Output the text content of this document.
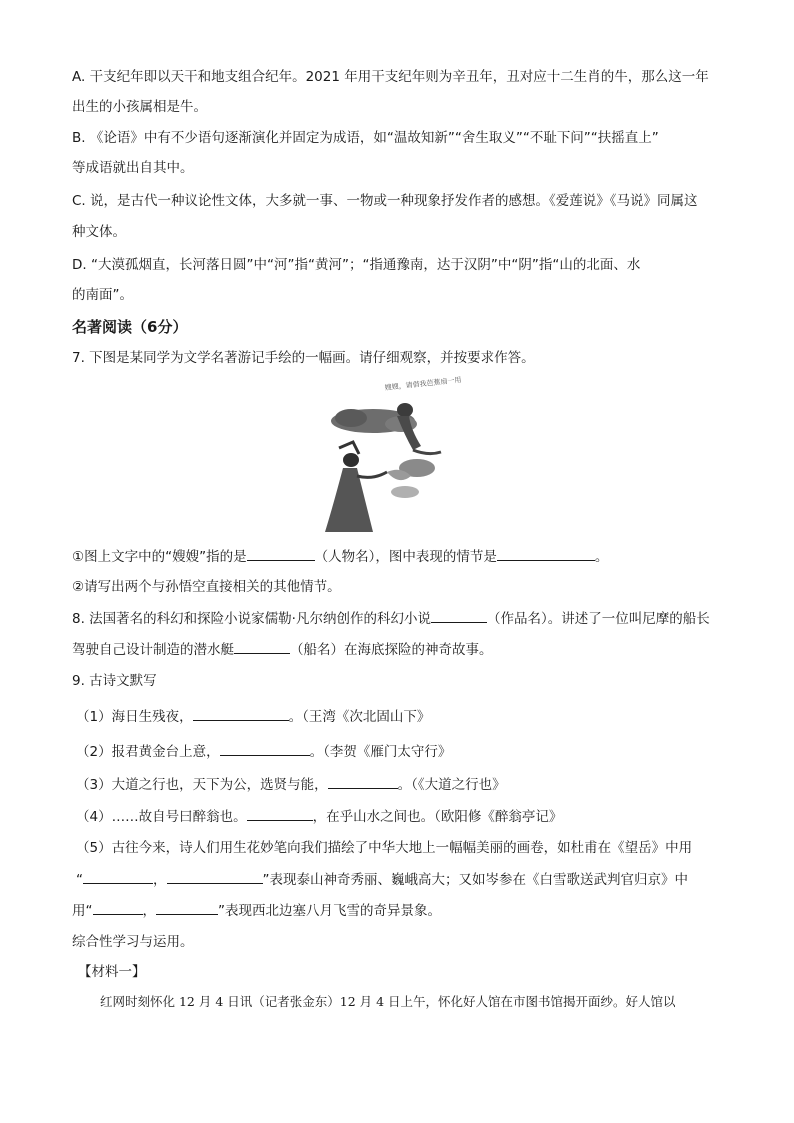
A. 干支纪年即以天干和地支组合纪年。2021 年用干支纪年则为辛丑年，丑对应十二生肖的牛，那么这一年
出生的小孩属相是牛。
B. 《论语》中有不少语句逐渐演化并固定为成语，如“温故知新”“舍生取义”“不耻下问”“扶摇直上”
等成语就出自其中。
C. 说，是古代一种议论性文体，大多就一事、一物或一种现象抒发作者的感想。《爱莲说》《马说》同属这
种文体。
D. “大漠孤烟直，长河落日圆”中“河”指“黄河”；“指通豫南，达于汉阴”中“阴”指“山的北面、水
的南面”。
名著阅读（6分）
7. 下图是某同学为文学名著游记手绘的一幅画。请仔细观察，并按要求作答。
嫂嫂，请借我芭蕉扇一用
①图上文字中的“嫂嫂”指的是	（人物名），图中表现的情节是	。
②请写出两个与孙悟空直接相关的其他情节。
8. 法国著名的科幻和探险小说家儒勒·凡尔纳创作的科幻小说	（作品名）。讲述了一位叫尼摩的船长
驾驶自己设计制造的潜水艇	（船名）在海底探险的神奇故事。
9. 古诗文默写
（1）海日生残夜，	。（王湾《次北固山下》
（2）报君黄金台上意，	。（李贺《雁门太守行》
（3）大道之行也，天下为公，选贤与能，	。（《大道之行也》
（4）……故自号曰醉翁也。	，在乎山水之间也。（欧阳修《醉翁亭记》
（5）古往今来，诗人们用生花妙笔向我们描绘了中华大地上一幅幅美丽的画卷，如杜甫在《望岳》中用
“	，	”表现泰山神奇秀丽、巍峨高大；又如岑参在《白雪歌送武判官归京》中
用“	，	”表现西北边塞八月飞雪的奇异景象。
综合性学习与运用。
【材料一】
红网时刻怀化 12 月 4 日讯（记者张金东）12 月 4 日上午，怀化好人馆在市图书馆揭开面纱。好人馆以
